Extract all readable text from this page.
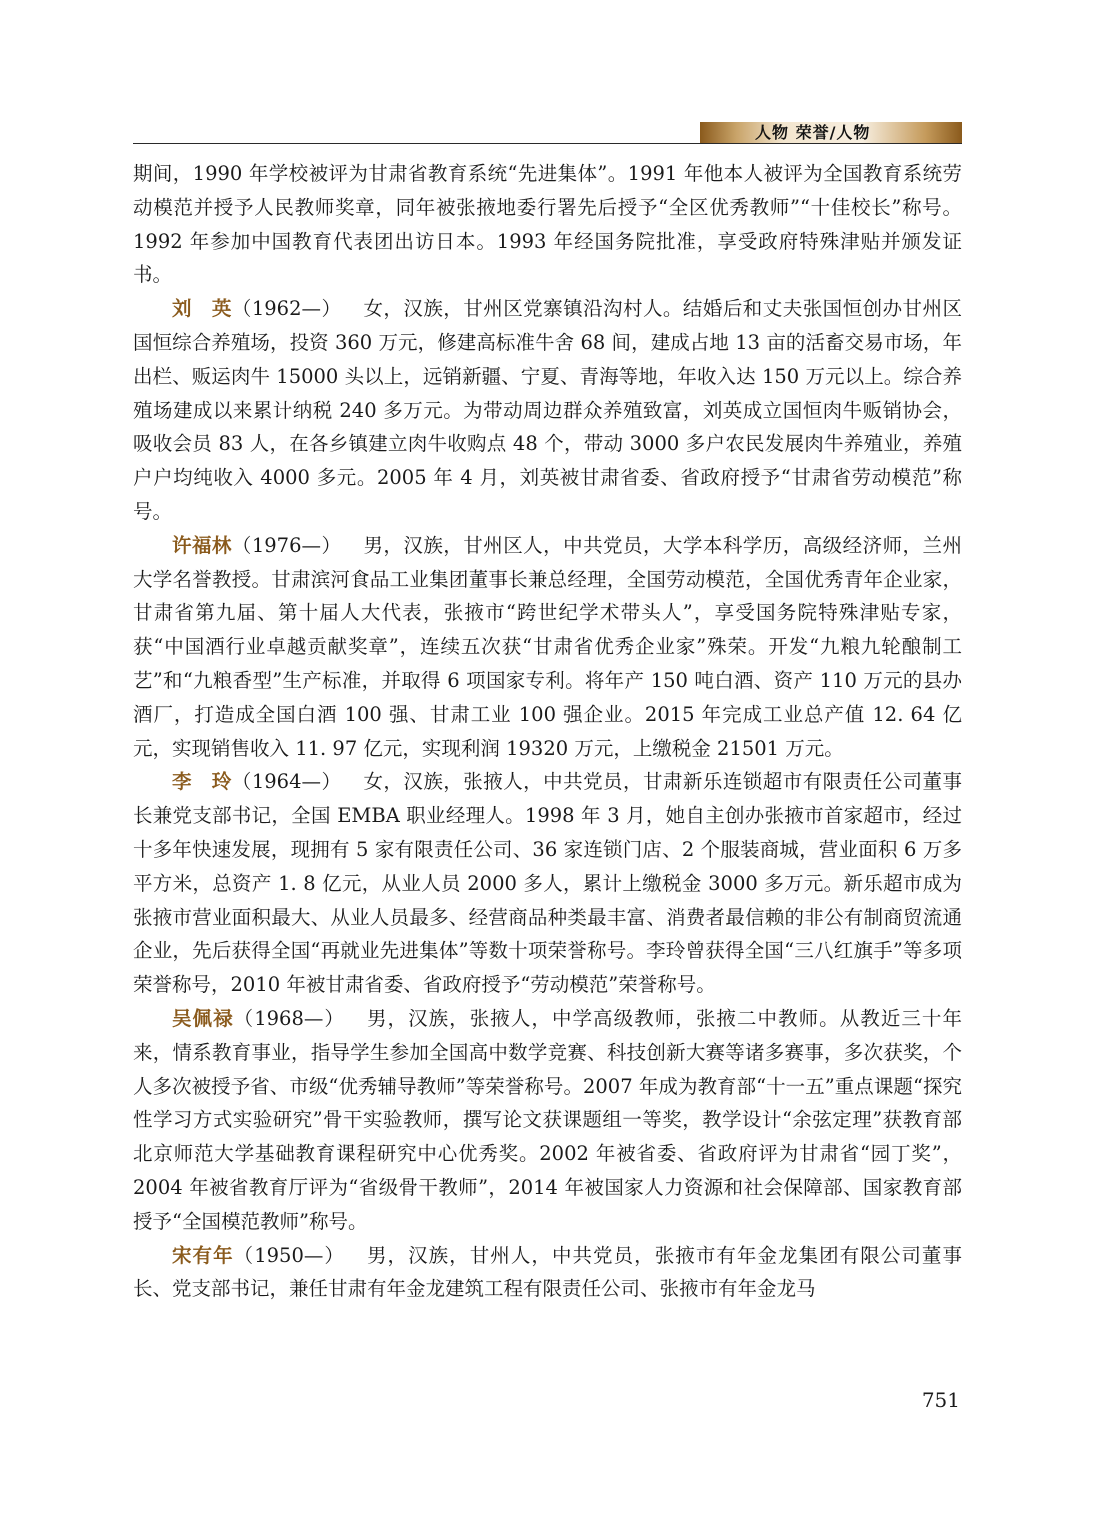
人物 荣誉/人物

期间，1990 年学校被评为甘肃省教育系统“先进集体”。1991 年他本人被评为全国教育系统劳动模范并授予人民教师奖章，同年被张掖地委行署先后授予“全区优秀教师”“十佳校长”称号。1992 年参加中国教育代表团出访日本。1993 年经国务院批准，享受政府特殊津贴并颁发证书。

刘　英（1962—） 女，汉族，甘州区党寨镇沿沟村人。结婚后和丈夫张国恒创办甘州区国恒综合养殖场，投资 360 万元，修建高标准牛舍 68 间，建成占地 13 亩的活畜交易市场，年出栏、贩运肉牛 15000 头以上，远销新疆、宁夏、青海等地，年收入达 150 万元以上。综合养殖场建成以来累计纳税 240 多万元。为带动周边群众养殖致富，刘英成立国恒肉牛贩销协会，吸收会员 83 人，在各乡镇建立肉牛收购点 48 个，带动 3000 多户农民发展肉牛养殖业，养殖户户均纯收入 4000 多元。2005 年 4 月，刘英被甘肃省委、省政府授予“甘肃省劳动模范”称号。

许福林（1976—） 男，汉族，甘州区人，中共党员，大学本科学历，高级经济师，兰州大学名誉教授。甘肃滨河食品工业集团董事长兼总经理，全国劳动模范，全国优秀青年企业家，甘肃省第九届、第十届人大代表，张掖市“跨世纪学术带头人”，享受国务院特殊津贴专家，获“中国酒行业卓越贡献奖章”，连续五次获“甘肃省优秀企业家”殊荣。开发“九粮九轮酿制工艺”和“九粮香型”生产标准，并取得 6 项国家专利。将年产 150 吨白酒、资产 110 万元的县办酒厂，打造成全国白酒 100 强、甘肃工业 100 强企业。2015 年完成工业总产值 12. 64 亿元，实现销售收入 11. 97 亿元，实现利润 19320 万元，上缴税金 21501 万元。

李　玲（1964—） 女，汉族，张掖人，中共党员，甘肃新乐连锁超市有限责任公司董事长兼党支部书记，全国 EMBA 职业经理人。1998 年 3 月，她自主创办张掖市首家超市，经过十多年快速发展，现拥有 5 家有限责任公司、36 家连锁门店、2 个服装商城，营业面积 6 万多平方米，总资产 1. 8 亿元，从业人员 2000 多人，累计上缴税金 3000 多万元。新乐超市成为张掖市营业面积最大、从业人员最多、经营商品种类最丰富、消费者最信赖的非公有制商贸流通企业，先后获得全国“再就业先进集体”等数十项荣誉称号。李玲曾获得全国“三八红旗手”等多项荣誉称号，2010 年被甘肃省委、省政府授予“劳动模范”荣誉称号。

吴佩禄（1968—） 男，汉族，张掖人，中学高级教师，张掖二中教师。从教近三十年来，情系教育事业，指导学生参加全国高中数学竞赛、科技创新大赛等诸多赛事，多次获奖，个人多次被授予省、市级“优秀辅导教师”等荣誉称号。2007 年成为教育部“十一五”重点课题“探究性学习方式实验研究”骨干实验教师，撰写论文获课题组一等奖，教学设计“余弦定理”获教育部北京师范大学基础教育课程研究中心优秀奖。2002 年被省委、省政府评为甘肃省“园丁奖”，2004 年被省教育厅评为“省级骨干教师”，2014 年被国家人力资源和社会保障部、国家教育部授予“全国模范教师”称号。

宋有年（1950—） 男，汉族，甘州人，中共党员，张掖市有年金龙集团有限公司董事长、党支部书记，兼任甘肃有年金龙建筑工程有限责任公司、张掖市有年金龙马

751
